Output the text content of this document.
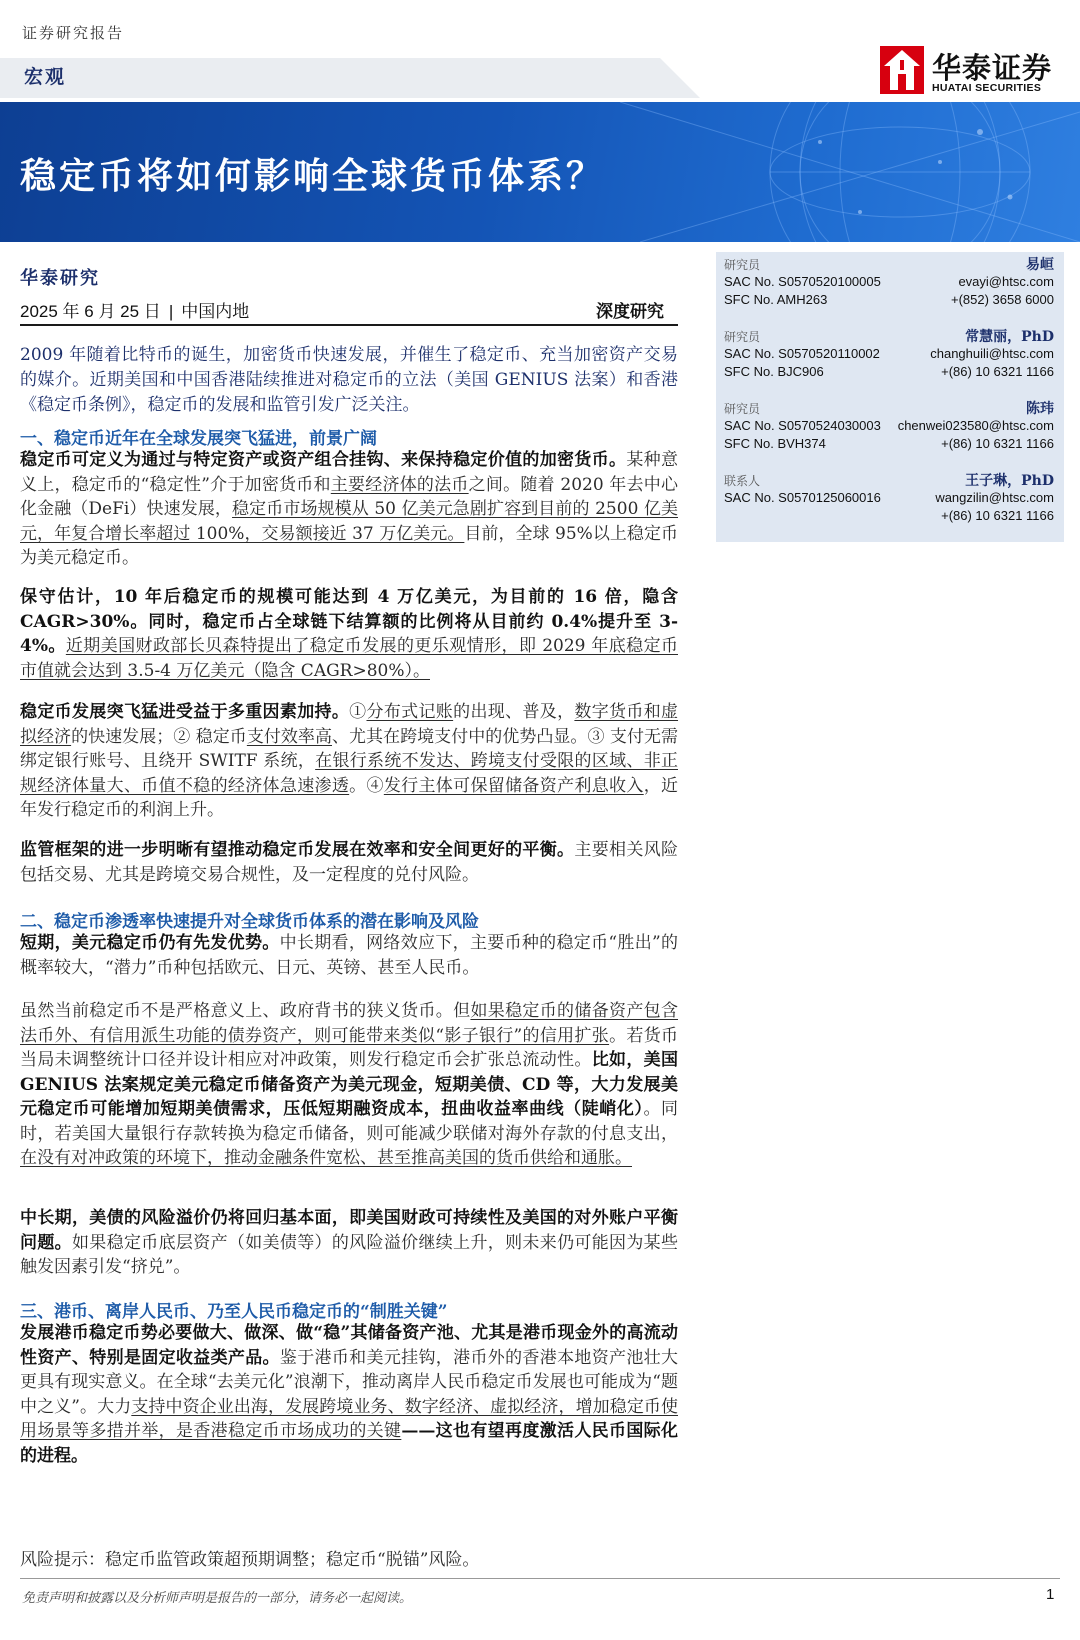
证券研究报告
宏观	华泰证券
HUATAI SECURITIES
稳定币将如何影响全球货币体系？
华泰研究
2025 年 6 月 25 日 | 中国内地	深度研究
研究员	易峘
SAC No. S0570520100005	evayi@htsc.com
SFC No. AMH263	+(852) 3658 6000
研究员	常慧丽，PhD
SAC No. S0570520110002	changhuili@htsc.com
SFC No. BJC906	+(86) 10 6321 1166
研究员	陈玮
SAC No. S0570524030003 chenwei023580@htsc.com
SFC No. BVH374	+(86) 10 6321 1166
联系人	王子琳，PhD
SAC No. S0570125060016	wangzilin@htsc.com
+(86) 10 6321 1166

2009 年随着比特币的诞生，加密货币快速发展，并催生了稳定币、充当加密资产交易的媒介。近期美国和中国香港陆续推进对稳定币的立法（美国 GENIUS 法案）和香港《稳定币条例》，稳定币的发展和监管引发广泛关注。

一、稳定币近年在全球发展突飞猛进，前景广阔

稳定币可定义为通过与特定资产或资产组合挂钩、来保持稳定价值的加密货币。某种意义上，稳定币的“稳定性”介于加密货币和主要经济体的法币之间。随着 2020 年去中心化金融（DeFi）快速发展，稳定币市场规模从 50 亿美元急剧扩容到目前的 2500 亿美元，年复合增长率超过 100%，交易额接近 37 万亿美元。目前，全球 95%以上稳定币为美元稳定币。

保守估计，10 年后稳定币的规模可能达到 4 万亿美元，为目前的 16 倍，隐含 CAGR>30%。同时，稳定币占全球链下结算额的比例将从目前约 0.4%提升至 3-4%。近期美国财政部长贝森特提出了稳定币发展的更乐观情形，即 2029 年底稳定币市值就会达到 3.5-4 万亿美元（隐含 CAGR>80%）。

稳定币发展突飞猛进受益于多重因素加持。①分布式记账的出现、普及，数字货币和虚拟经济的快速发展；② 稳定币支付效率高、尤其在跨境支付中的优势凸显。③ 支付无需绑定银行账号、且绕开 SWITF 系统，在银行系统不发达、跨境支付受限的区域、非正规经济体量大、币值不稳的经济体急速渗透。④发行主体可保留储备资产利息收入，近年发行稳定币的利润上升。

监管框架的进一步明晰有望推动稳定币发展在效率和安全间更好的平衡。主要相关风险包括交易、尤其是跨境交易合规性，及一定程度的兑付风险。

二、稳定币渗透率快速提升对全球货币体系的潜在影响及风险

短期，美元稳定币仍有先发优势。中长期看，网络效应下，主要币种的稳定币“胜出”的概率较大，“潜力”币种包括欧元、日元、英镑、甚至人民币。

虽然当前稳定币不是严格意义上、政府背书的狭义货币。但如果稳定币的储备资产包含法币外、有信用派生功能的债券资产，则可能带来类似“影子银行”的信用扩张。若货币当局未调整统计口径并设计相应对冲政策，则发行稳定币会扩张总流动性。比如，美国 GENIUS 法案规定美元稳定币储备资产为美元现金，短期美债、CD 等，大力发展美元稳定币可能增加短期美债需求，压低短期融资成本，扭曲收益率曲线（陡峭化）。同时，若美国大量银行存款转换为稳定币储备，则可能减少联储对海外存款的付息支出，在没有对冲政策的环境下，推动金融条件宽松、甚至推高美国的货币供给和通胀。

中长期，美债的风险溢价仍将回归基本面，即美国财政可持续性及美国的对外账户平衡问题。如果稳定币底层资产（如美债等）的风险溢价继续上升，则未来仍可能因为某些触发因素引发“挤兑”。

三、港币、离岸人民币、乃至人民币稳定币的“制胜关键”

发展港币稳定币势必要做大、做深、做“稳”其储备资产池、尤其是港币现金外的高流动性资产、特别是固定收益类产品。鉴于港币和美元挂钩，港币外的香港本地资产池壮大更具有现实意义。在全球“去美元化”浪潮下，推动离岸人民币稳定币发展也可能成为“题中之义”。大力支持中资企业出海，发展跨境业务、数字经济、虚拟经济，增加稳定币使用场景等多措并举，是香港稳定币市场成功的关键——这也有望再度激活人民币国际化的进程。

风险提示：稳定币监管政策超预期调整；稳定币“脱锚”风险。
免责声明和披露以及分析师声明是报告的一部分，请务必一起阅读。	1
